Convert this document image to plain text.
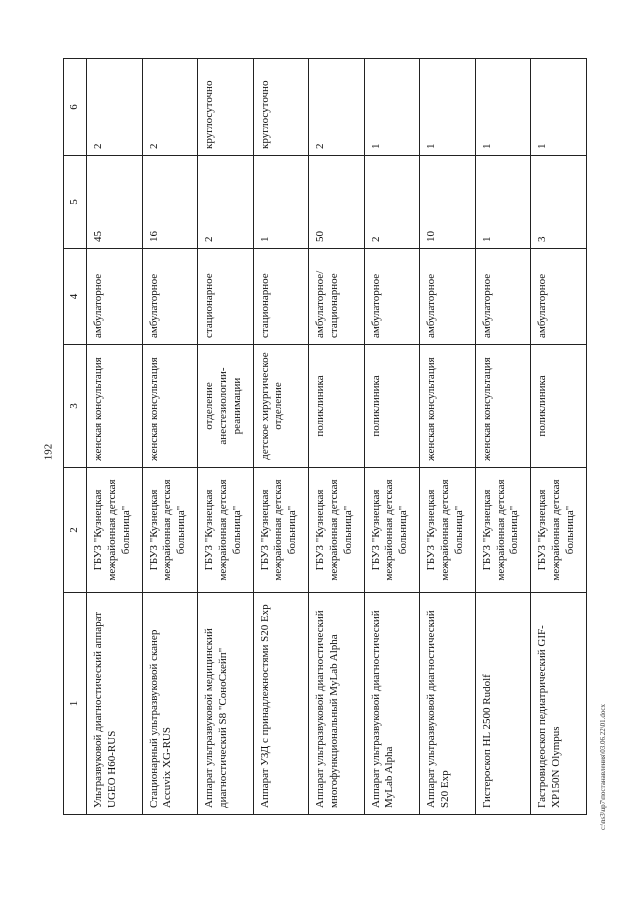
192
c:\ns3\up7\постанавления\03.06.22\01.docx
1	2	3	4	5	6
Ультразвуковой диагностический аппарат UGEO H60-RUS	ГБУЗ "Кузнецкая межрайонная детская больница"	женская консультация	амбулаторное	45	2
Стационарный ультразвуковой сканер Accuvix XG-RUS	ГБУЗ "Кузнецкая межрайонная детская больница"	женская консультация	амбулаторное	16	2
Аппарат ультразвуковой медицинский диагностический S8 "СоноСкейп"	ГБУЗ "Кузнецкая межрайонная детская больница"	отделение анестезиологии-реанимации	стационарное	2	круглосуточно
Аппарат УЗД с принадлежностями S20 Exp	ГБУЗ "Кузнецкая межрайонная детская больница"	детское хирургическое отделение	стационарное	1	круглосуточно
Аппарат ультразвуковой диагностический многофункциональный MyLab Alpha	ГБУЗ "Кузнецкая межрайонная детская больница"	поликлиника	амбулаторное/ стационарное	50	2
Аппарат ультразвуковой диагностический MyLab Alpha	ГБУЗ "Кузнецкая межрайонная детская больница"	поликлиника	амбулаторное	2	1
Аппарат ультразвуковой диагностический S20 Exp	ГБУЗ "Кузнецкая межрайонная детская больница"	женская консультация	амбулаторное	10	1
Гистероскоп HL 2500 Rudolf	ГБУЗ "Кузнецкая межрайонная детская больница"	женская консультация	амбулаторное	1	1
Гастровидеоскоп педиатрический GIF-XP150N Olympus	ГБУЗ "Кузнецкая межрайонная детская больница"	поликлиника	амбулаторное	3	1
